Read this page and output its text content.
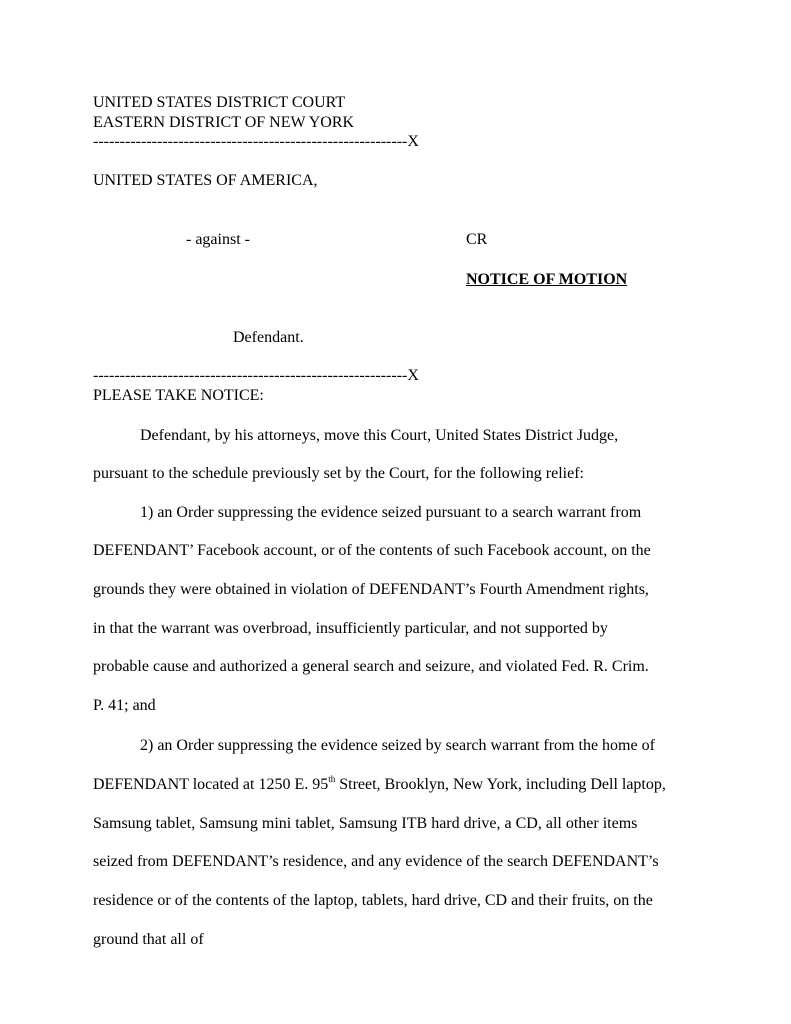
UNITED STATES DISTRICT COURT
EASTERN DISTRICT OF NEW YORK
-----------------------------------------------------------X
UNITED STATES OF AMERICA,
- against -	CR
NOTICE OF MOTION
Defendant.
-----------------------------------------------------------X
PLEASE TAKE NOTICE:
Defendant, by his attorneys, move this Court, United States District Judge,
pursuant to the schedule previously set by the Court, for the following relief:
1) an Order suppressing the evidence seized pursuant to a search warrant from
DEFENDANT’ Facebook account, or of the contents of such Facebook account, on the
grounds they were obtained in violation of DEFENDANT’s Fourth Amendment rights,
in that the warrant was overbroad, insufficiently particular, and not supported by
probable cause and authorized a general search and seizure, and violated Fed. R. Crim.
P. 41; and
2) an Order suppressing the evidence seized by search warrant from the home of
DEFENDANT located at 1250 E. 95th Street, Brooklyn, New York, including Dell laptop,
Samsung tablet, Samsung mini tablet, Samsung ITB hard drive, a CD, all other items
seized from DEFENDANT’s residence, and any evidence of the search DEFENDANT’s
residence or of the contents of the laptop, tablets, hard drive, CD and their fruits, on the
ground that all of
